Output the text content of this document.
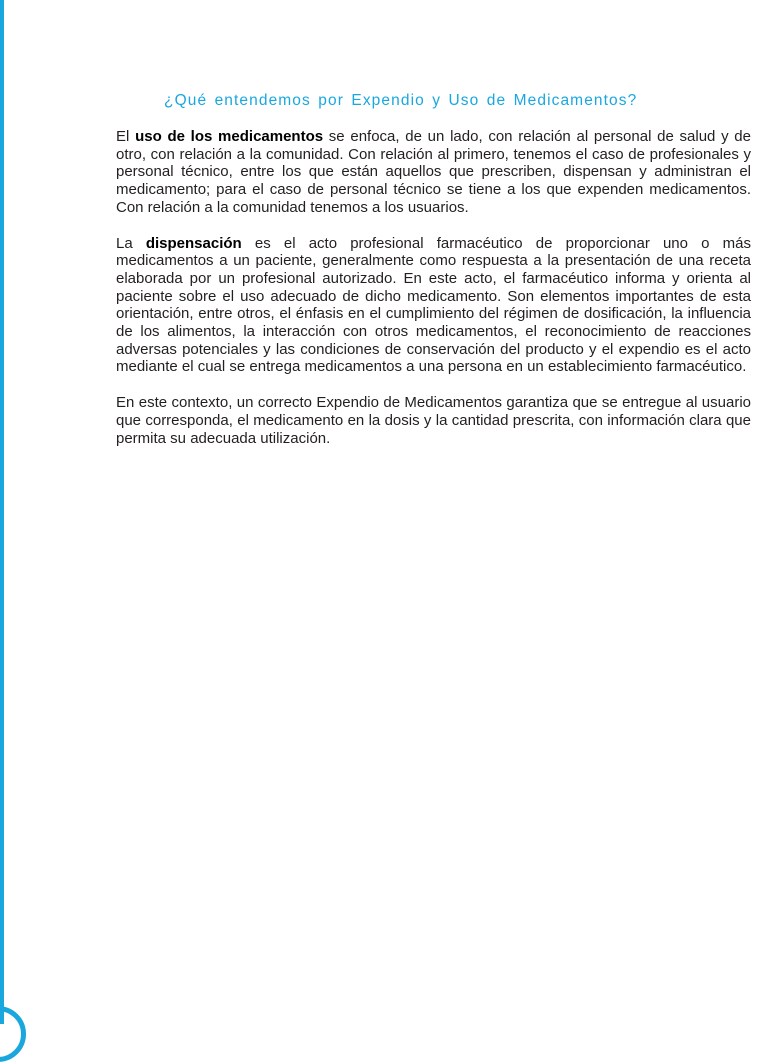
¿Qué entendemos por Expendio y Uso de Medicamentos?

El uso de los medicamentos se enfoca, de un lado, con relación al personal de salud y de otro, con relación a la comunidad. Con relación al primero, tenemos el caso de profesionales y personal técnico, entre los que están aquellos que prescriben, dispensan y administran el medicamento; para el caso de personal técnico se tiene a los que expenden medicamentos. Con relación a la comunidad tenemos a los usuarios.

La dispensación es el acto profesional farmacéutico de proporcionar uno o más medicamentos a un paciente, generalmente como respuesta a la presentación de una receta elaborada por un profesional autorizado. En este acto, el farmacéutico informa y orienta al paciente sobre el uso adecuado de dicho medicamento. Son elementos importantes de esta orientación, entre otros, el énfasis en el cumplimiento del régimen de dosificación, la influencia de los alimentos, la interacción con otros medicamentos, el reconocimiento de reacciones adversas potenciales y las condiciones de conservación del producto y el expendio es el acto mediante el cual se entrega medicamentos a una persona en un establecimiento farmacéutico.

En este contexto, un correcto Expendio de Medicamentos garantiza que se entregue al usuario que corresponda, el medicamento en la dosis y la cantidad prescrita, con información clara que permita su adecuada utilización.
